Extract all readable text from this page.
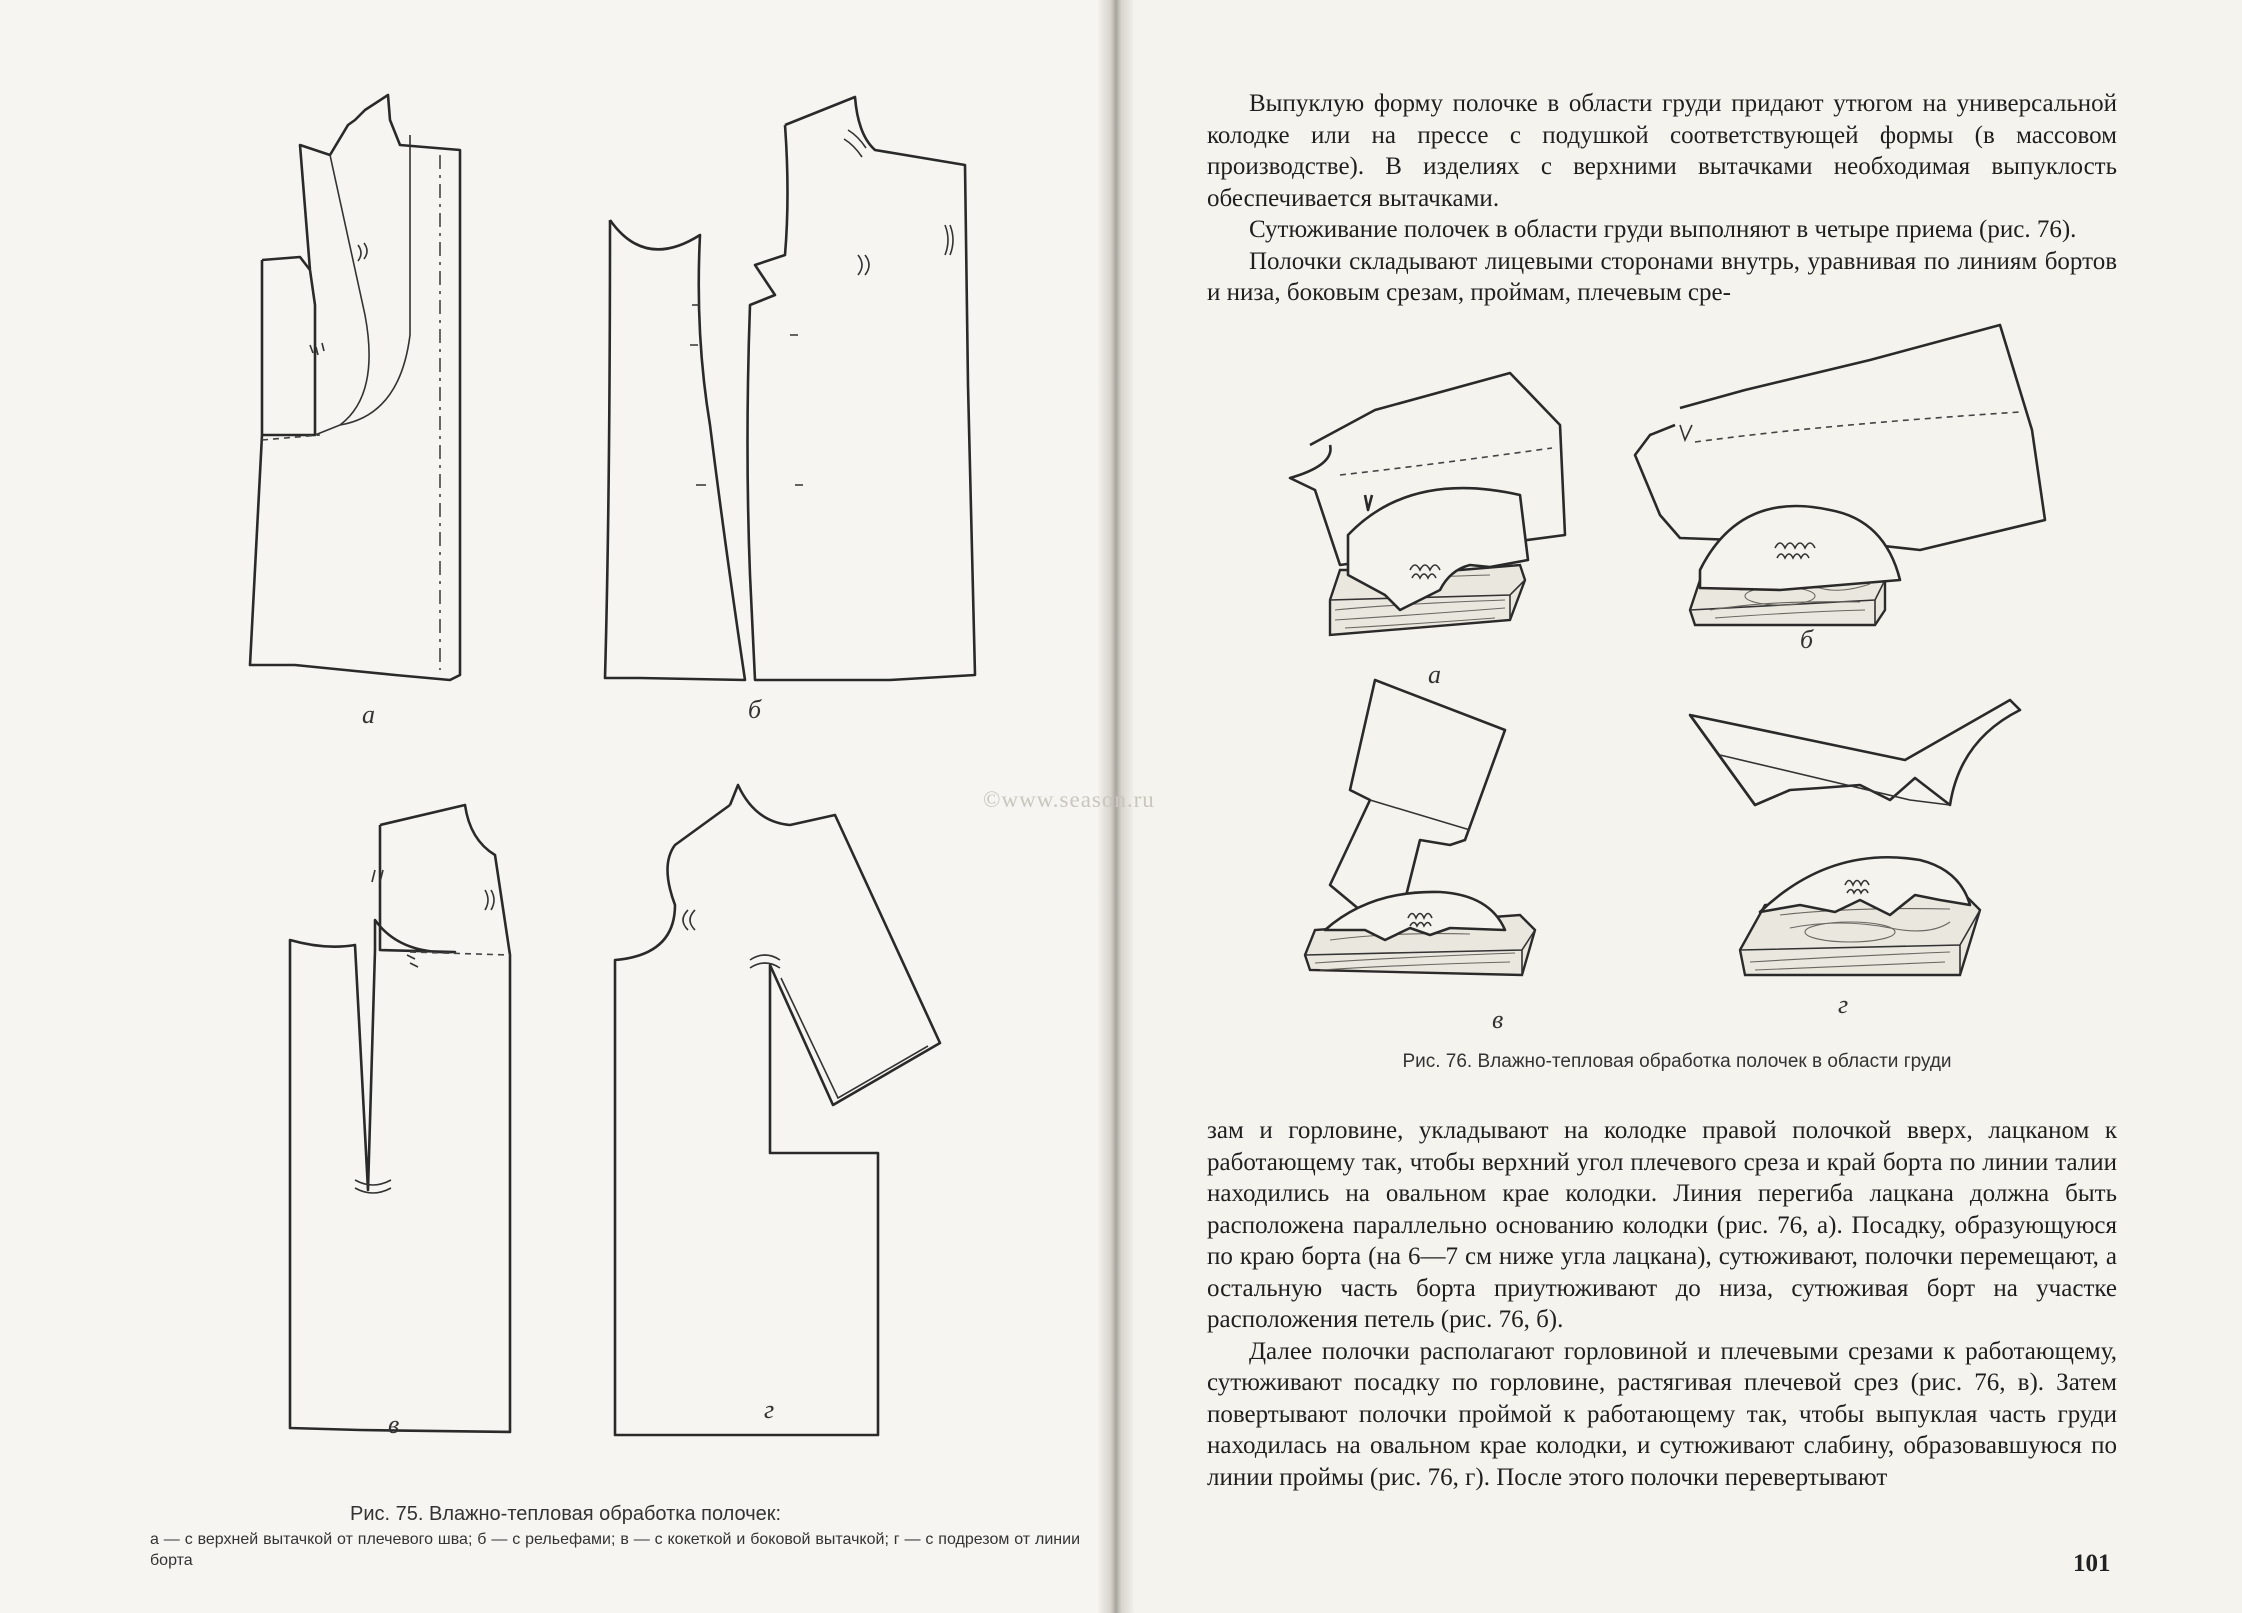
а	б
в
г
Рис. 75. Влажно-тепловая обработка полочек:
а — с верхней вытачкой от плечевого шва; б — с рельефами; в — с кокеткой и боковой вытачкой; г — с подрезом от линии борта
©www.season.ru

Выпуклую форму полочке в области груди придают утюгом на универсальной колодке или на прессе с подушкой соответствующей формы (в массовом производстве). В изделиях с верхними вытачками необходимая выпуклость обеспечивается вытачками.

Сутюживание полочек в области груди выполняют в четыре приема (рис. 76).

Полочки складывают лицевыми сторонами внутрь, уравнивая по линиям бортов и низа, боковым срезам, проймам, плечевым сре-

а
б
в
г
Рис. 76. Влажно-тепловая обработка полочек в области груди

зам и горловине, укладывают на колодке правой полочкой вверх, лацканом к работающему так, чтобы верхний угол плечевого среза и край борта по линии талии находились на овальном крае колодки. Линия перегиба лацкана должна быть расположена параллельно основанию колодки (рис. 76, а). Посадку, образующуюся по краю борта (на 6—7 см ниже угла лацкана), сутюживают, полочки перемещают, а остальную часть борта приутюживают до низа, сутюживая борт на участке расположения петель (рис. 76, б).

Далее полочки располагают горловиной и плечевыми срезами к работающему, сутюживают посадку по горловине, растягивая плечевой срез (рис. 76, в). Затем повертывают полочки проймой к работающему так, чтобы выпуклая часть груди находилась на овальном крае колодки, и сутюживают слабину, образовавшуюся по линии проймы (рис. 76, г). После этого полочки перевертывают

101
